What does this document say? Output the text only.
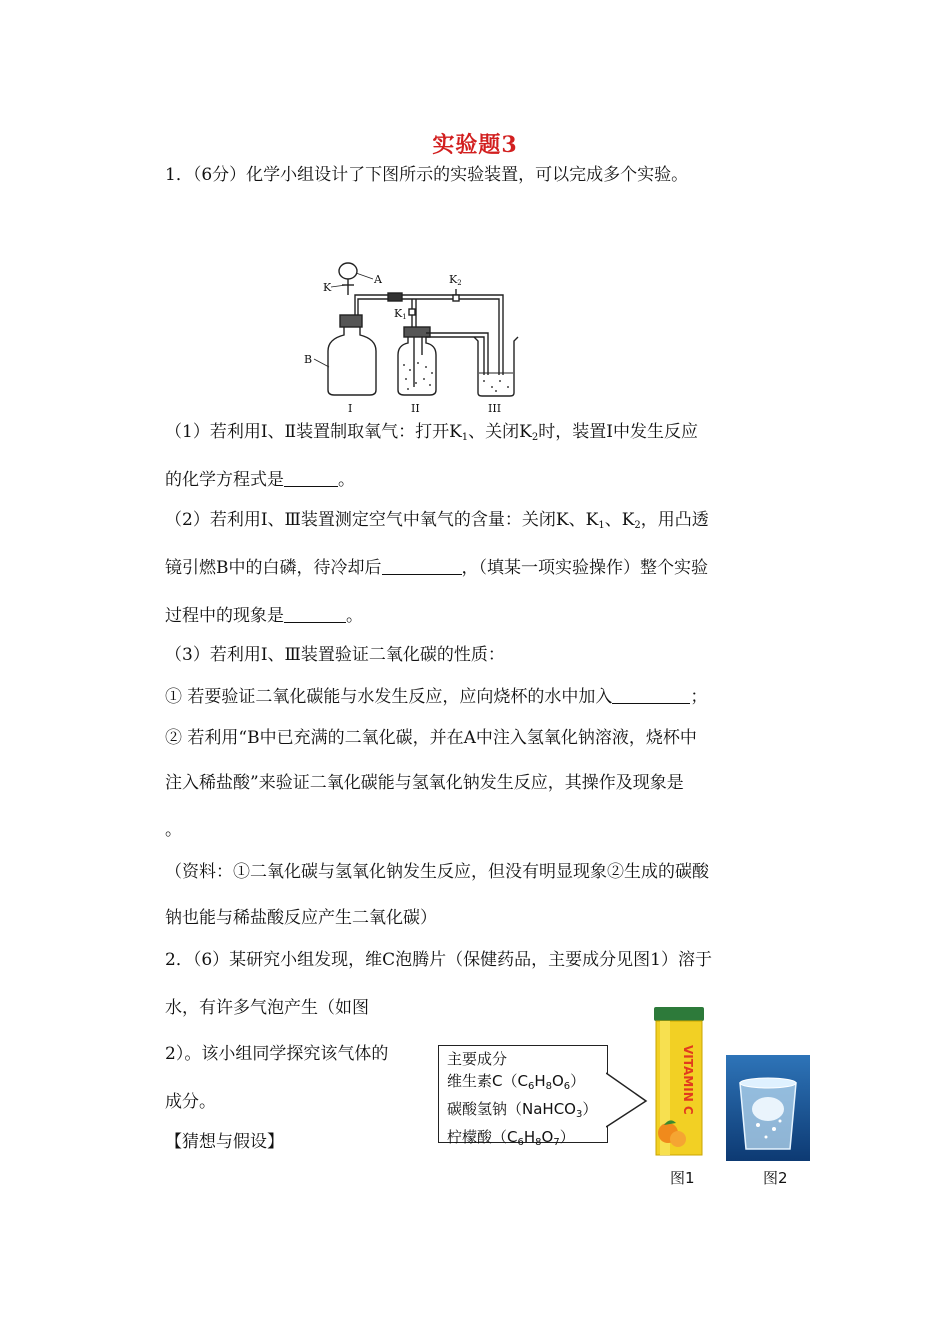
实验题3
1．（6分）化学小组设计了下图所示的实验装置，可以完成多个实验。
K
A	K2
K1
B
I	II	III
（1）若利用Ⅰ、Ⅱ装置制取氧气：打开$K_1$、关闭$K_2$时，装置Ⅰ中发生反应
的化学方程式是	。
（2）若利用Ⅰ、Ⅲ装置测定空气中氧气的含量：关闭K、$K_1$、$K_2$，用凸透
镜引燃B中的白磷，待冷却后	，（填某一项实验操作）整个实验
过程中的现象是	。
（3）若利用Ⅰ、Ⅲ装置验证二氧化碳的性质：
① 若要验证二氧化碳能与水发生反应，应向烧杯的水中加入	；
② 若利用“B中已充满的二氧化碳，并在A中注入氢氧化钠溶液，烧杯中
注入稀盐酸”来验证二氧化碳能与氢氧化钠发生反应，其操作及现象是
。
（资料：①二氧化碳与氢氧化钠发生反应，但没有明显现象②生成的碳酸
钠也能与稀盐酸反应产生二氧化碳）
2．（6）某研究小组发现，维C泡腾片（保健药品，主要成分见图1）溶于
水，有许多气泡产生（如图
2）。该小组同学探究该气体的
成分。
【猜想与假设】
主要成分
维生素$C(C_6H_8O_6)$
碳酸氢钠（NaHCO$_3$）
柠檬酸$(C_6H_8O_7)$
VITAMIN C
图1	图2
